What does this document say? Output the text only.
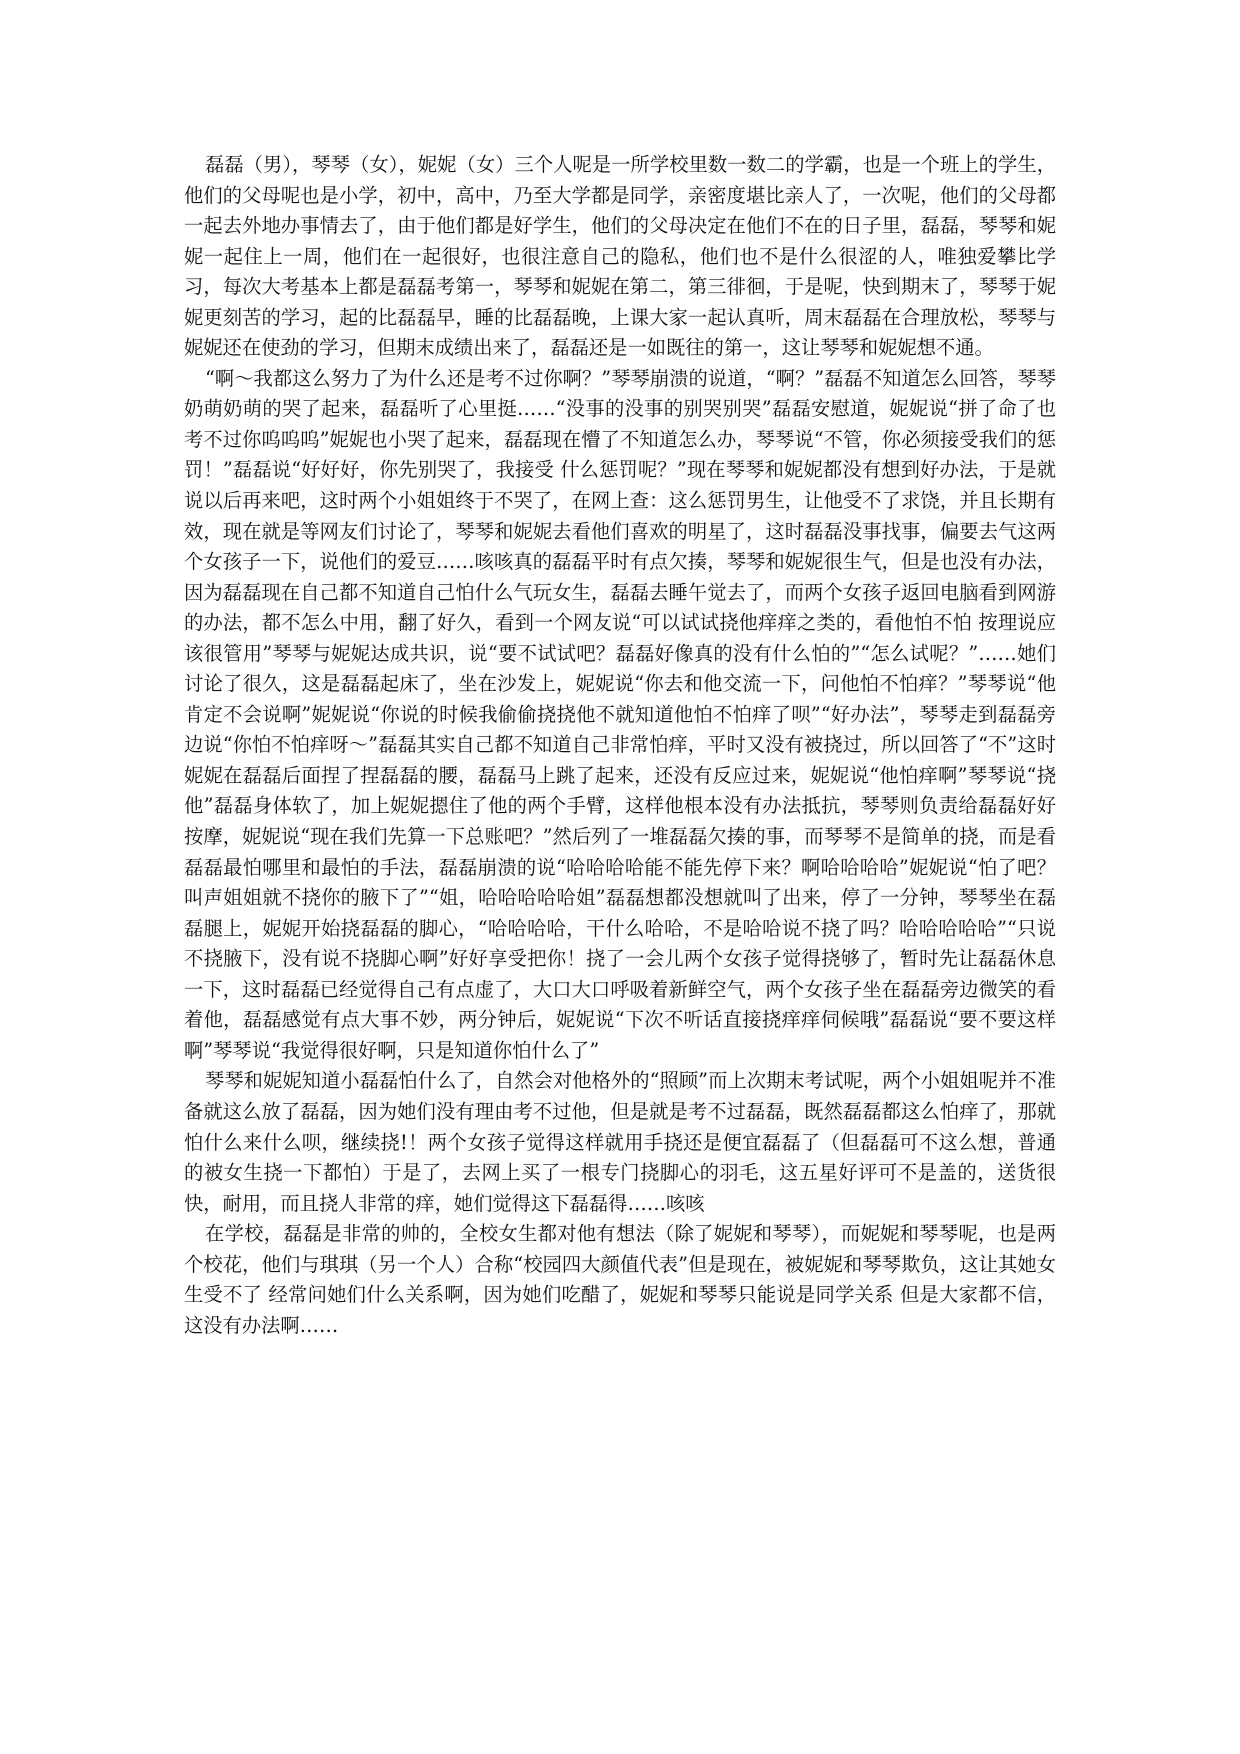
磊磊（男），琴琴（女），妮妮（女）三个人呢是一所学校里数一数二的学霸，也是一个班上的学生，他们的父母呢也是小学，初中，高中，乃至大学都是同学，亲密度堪比亲人了，一次呢，他们的父母都一起去外地办事情去了，由于他们都是好学生，他们的父母决定在他们不在的日子里，磊磊，琴琴和妮妮一起住上一周，他们在一起很好，也很注意自己的隐私，他们也不是什么很涩的人，唯独爱攀比学习，每次大考基本上都是磊磊考第一，琴琴和妮妮在第二，第三徘徊，于是呢，快到期末了，琴琴于妮妮更刻苦的学习，起的比磊磊早，睡的比磊磊晚，上课大家一起认真听，周末磊磊在合理放松，琴琴与妮妮还在使劲的学习，但期末成绩出来了，磊磊还是一如既往的第一，这让琴琴和妮妮想不通。

“啊～我都这么努力了为什么还是考不过你啊？”琴琴崩溃的说道，“啊？”磊磊不知道怎么回答，琴琴奶萌奶萌的哭了起来，磊磊听了心里挺……“没事的没事的别哭别哭”磊磊安慰道，妮妮说“拼了命了也考不过你呜呜呜”妮妮也小哭了起来，磊磊现在懵了不知道怎么办，琴琴说“不管，你必须接受我们的惩罚！”磊磊说“好好好，你先别哭了，我接受 什么惩罚呢？”现在琴琴和妮妮都没有想到好办法，于是就说以后再来吧，这时两个小姐姐终于不哭了，在网上查：这么惩罚男生，让他受不了求饶，并且长期有效，现在就是等网友们讨论了，琴琴和妮妮去看他们喜欢的明星了，这时磊磊没事找事，偏要去气这两个女孩子一下，说他们的爱豆……咳咳真的磊磊平时有点欠揍，琴琴和妮妮很生气，但是也没有办法，因为磊磊现在自己都不知道自己怕什么气玩女生，磊磊去睡午觉去了，而两个女孩子返回电脑看到网游的办法，都不怎么中用，翻了好久，看到一个网友说“可以试试挠他痒痒之类的，看他怕不怕 按理说应该很管用”琴琴与妮妮达成共识，说“要不试试吧？磊磊好像真的没有什么怕的”“怎么试呢？”……她们讨论了很久，这是磊磊起床了，坐在沙发上，妮妮说“你去和他交流一下，问他怕不怕痒？”琴琴说“他肯定不会说啊”妮妮说“你说的时候我偷偷挠挠他不就知道他怕不怕痒了呗”“好办法”，琴琴走到磊磊旁边说“你怕不怕痒呀～”磊磊其实自己都不知道自己非常怕痒，平时又没有被挠过，所以回答了“不”这时妮妮在磊磊后面捏了捏磊磊的腰，磊磊马上跳了起来，还没有反应过来，妮妮说“他怕痒啊”琴琴说“挠他”磊磊身体软了，加上妮妮摁住了他的两个手臂，这样他根本没有办法抵抗，琴琴则负责给磊磊好好按摩，妮妮说“现在我们先算一下总账吧？”然后列了一堆磊磊欠揍的事，而琴琴不是简单的挠，而是看磊磊最怕哪里和最怕的手法，磊磊崩溃的说“哈哈哈哈能不能先停下来？啊哈哈哈哈”妮妮说“怕了吧？叫声姐姐就不挠你的腋下了”“姐，哈哈哈哈哈姐”磊磊想都没想就叫了出来，停了一分钟，琴琴坐在磊磊腿上，妮妮开始挠磊磊的脚心，“哈哈哈哈，干什么哈哈，不是哈哈说不挠了吗？哈哈哈哈哈”“只说不挠腋下，没有说不挠脚心啊”好好享受把你！挠了一会儿两个女孩子觉得挠够了，暂时先让磊磊休息一下，这时磊磊已经觉得自己有点虚了，大口大口呼吸着新鲜空气，两个女孩子坐在磊磊旁边微笑的看着他，磊磊感觉有点大事不妙，两分钟后，妮妮说“下次不听话直接挠痒痒伺候哦”磊磊说“要不要这样啊”琴琴说“我觉得很好啊，只是知道你怕什么了”

琴琴和妮妮知道小磊磊怕什么了，自然会对他格外的“照顾”而上次期末考试呢，两个小姐姐呢并不准备就这么放了磊磊，因为她们没有理由考不过他，但是就是考不过磊磊，既然磊磊都这么怕痒了，那就怕什么来什么呗，继续挠!！两个女孩子觉得这样就用手挠还是便宜磊磊了（但磊磊可不这么想，普通的被女生挠一下都怕）于是了，去网上买了一根专门挠脚心的羽毛，这五星好评可不是盖的，送货很快，耐用，而且挠人非常的痒，她们觉得这下磊磊得……咳咳

在学校，磊磊是非常的帅的，全校女生都对他有想法（除了妮妮和琴琴），而妮妮和琴琴呢，也是两个校花，他们与琪琪（另一个人）合称“校园四大颜值代表”但是现在，被妮妮和琴琴欺负，这让其她女生受不了 经常问她们什么关系啊，因为她们吃醋了，妮妮和琴琴只能说是同学关系 但是大家都不信，这没有办法啊……
